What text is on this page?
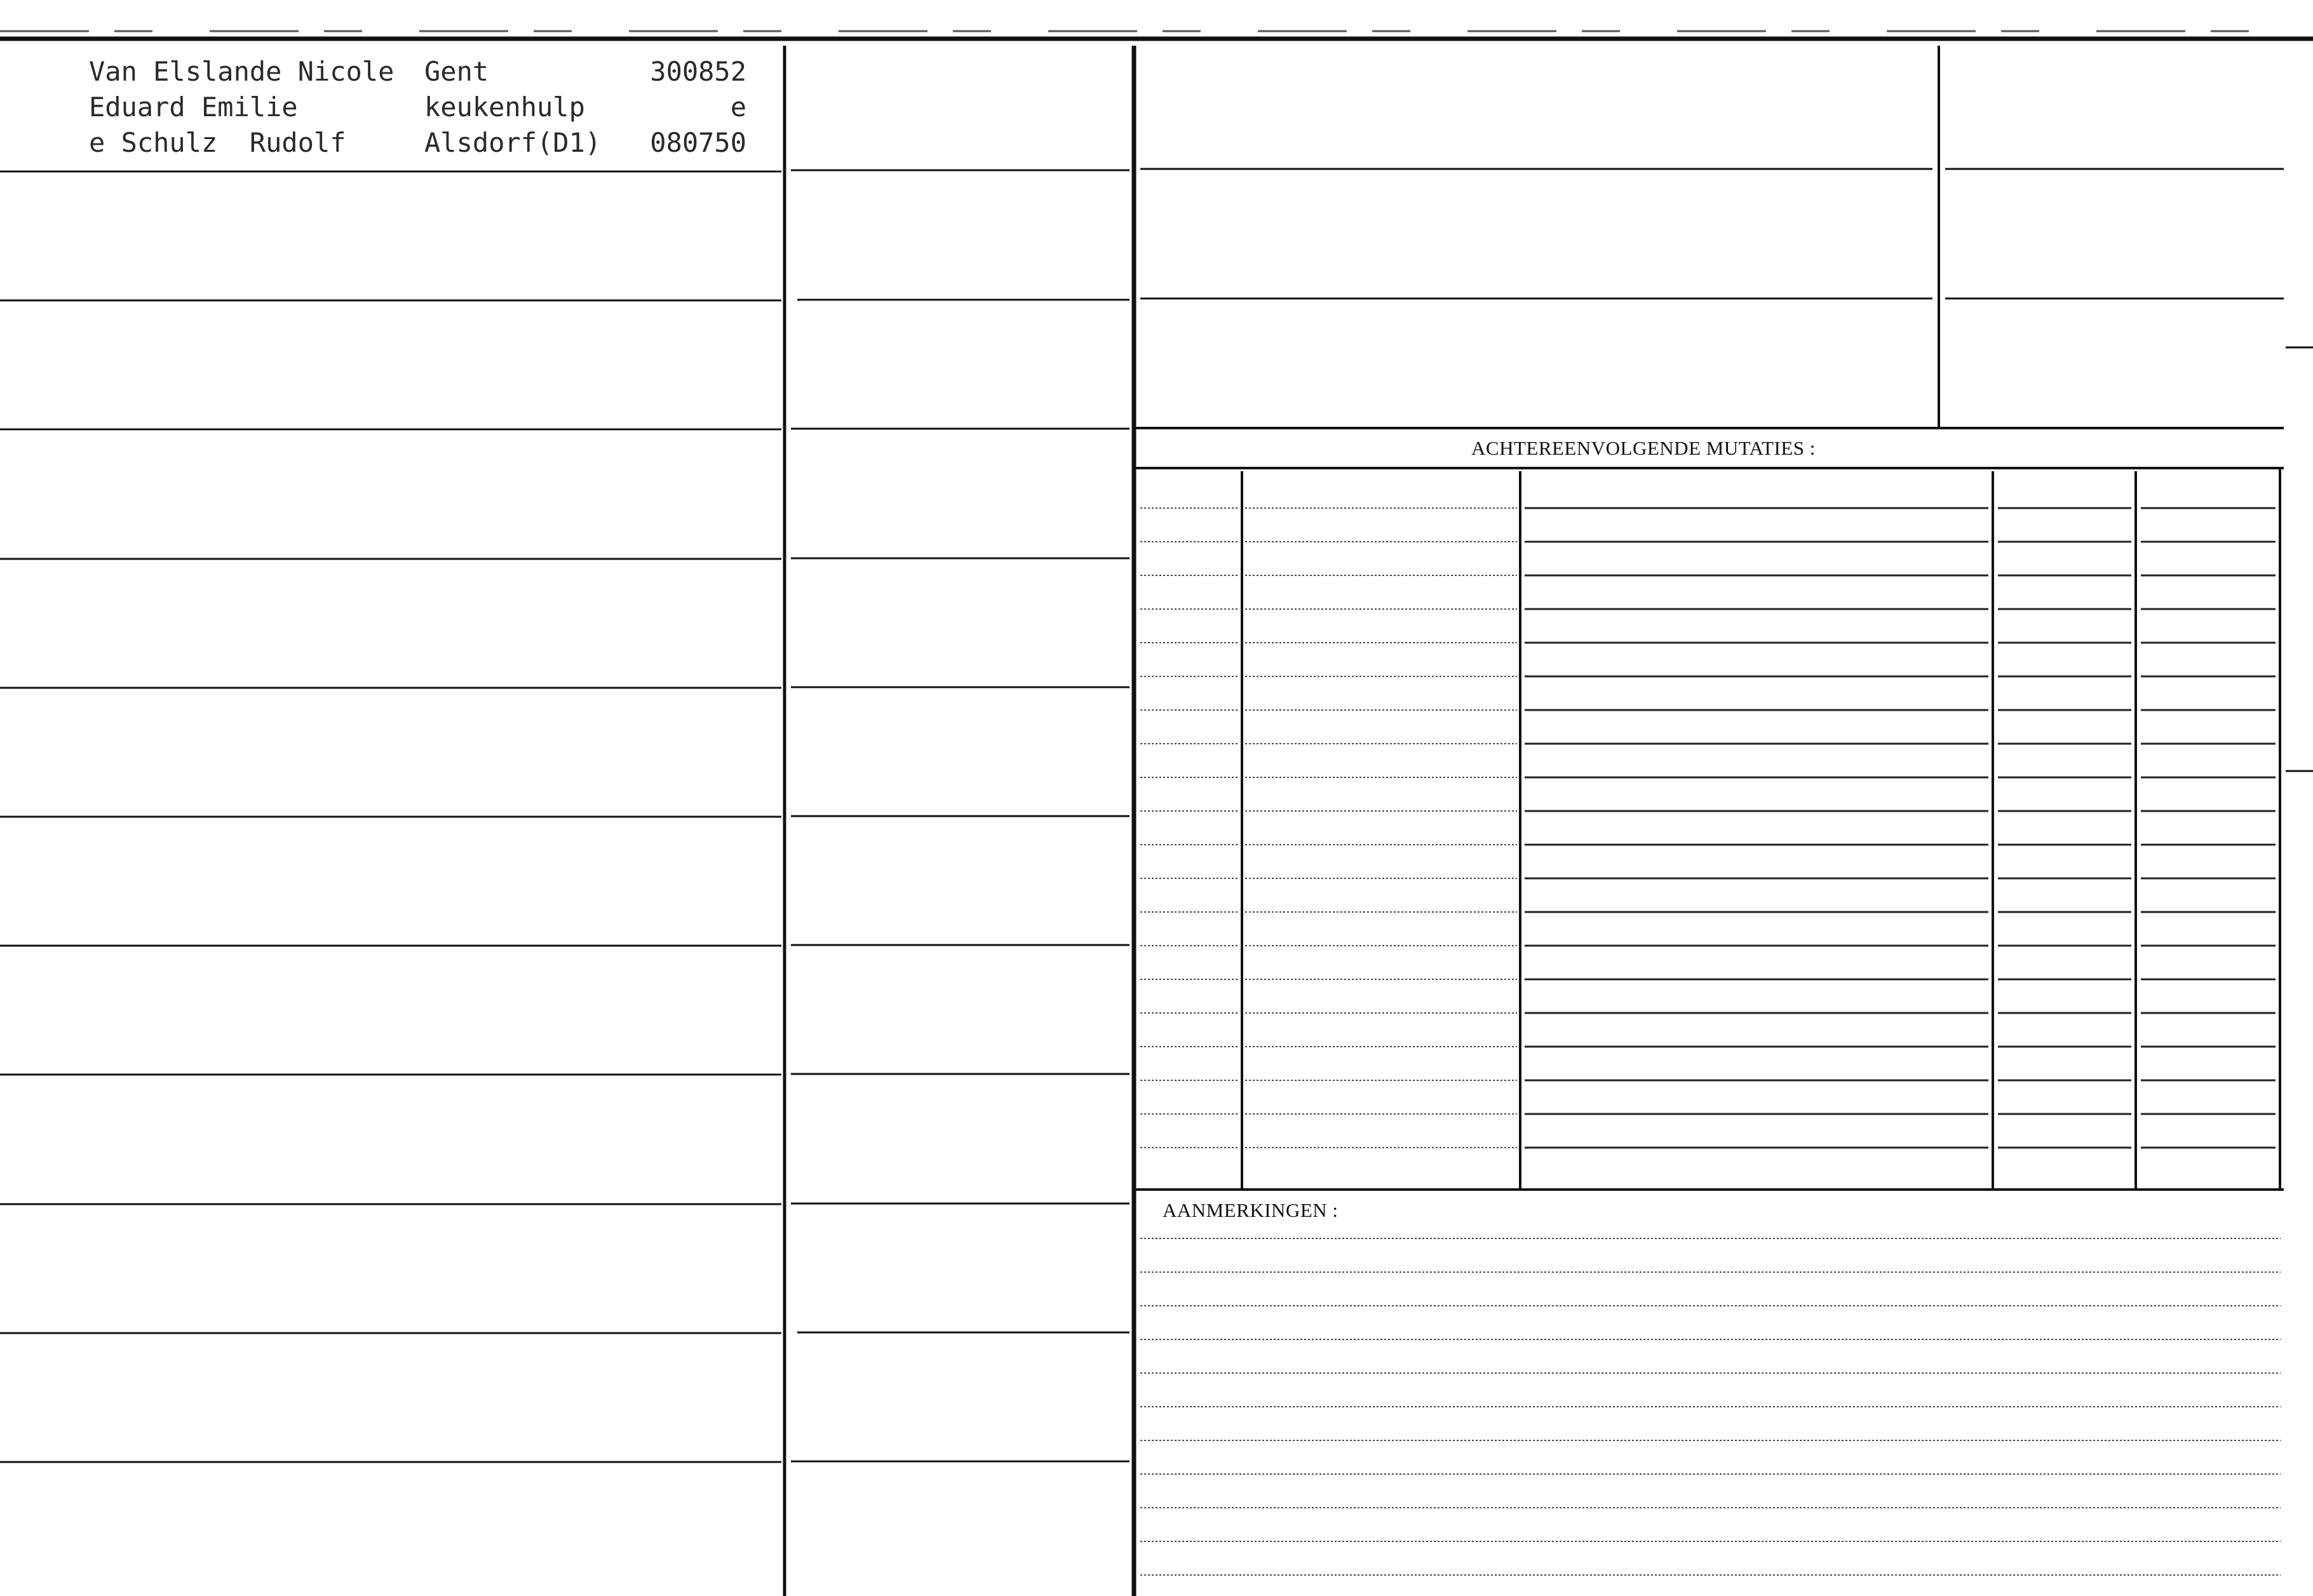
Van Elslande Nicole
Eduard Emilie
e Schulz  Rudolf
Gent
keukenhulp
Alsdorf(D1)
300852
e
080750
ACHTEREENVOLGENDE MUTATIES :
AANMERKINGEN :
